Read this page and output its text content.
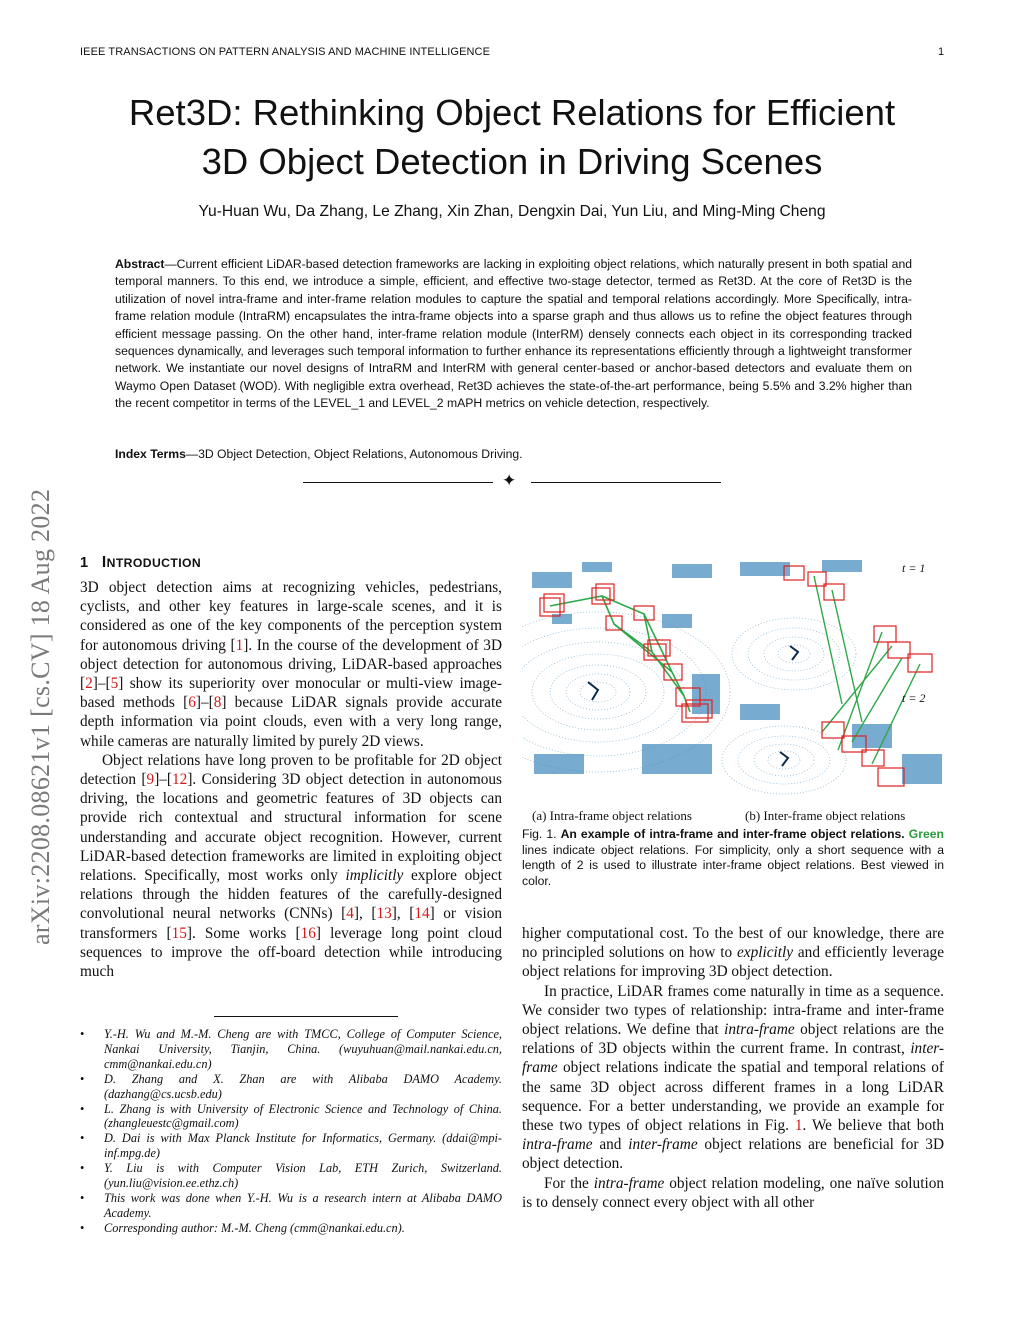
IEEE TRANSACTIONS ON PATTERN ANALYSIS AND MACHINE INTELLIGENCE	1
Ret3D: Rethinking Object Relations for Efficient
3D Object Detection in Driving Scenes
Yu-Huan Wu, Da Zhang, Le Zhang, Xin Zhan, Dengxin Dai, Yun Liu, and Ming-Ming Cheng
Abstract—Current efficient LiDAR-based detection frameworks are lacking in exploiting object relations, which naturally present in both spatial and temporal manners. To this end, we introduce a simple, efficient, and effective two-stage detector, termed as Ret3D. At the core of Ret3D is the utilization of novel intra-frame and inter-frame relation modules to capture the spatial and temporal relations accordingly. More Specifically, intra-frame relation module (IntraRM) encapsulates the intra-frame objects into a sparse graph and thus allows us to refine the object features through efficient message passing. On the other hand, inter-frame relation module (InterRM) densely connects each object in its corresponding tracked sequences dynamically, and leverages such temporal information to further enhance its representations efficiently through a lightweight transformer network. We instantiate our novel designs of IntraRM and InterRM with general center-based or anchor-based detectors and evaluate them on Waymo Open Dataset (WOD). With negligible extra overhead, Ret3D achieves the state-of-the-art performance, being 5.5% and 3.2% higher than the recent competitor in terms of the LEVEL_1 and LEVEL_2 mAPH metrics on vehicle detection, respectively.
Index Terms—3D Object Detection, Object Relations, Autonomous Driving.
✦
arXiv:2208.08621v1 [cs.CV] 18 Aug 2022 1 INTRODUCTION

3D object detection aims at recognizing vehicles, pedestrians, cyclists, and other key features in large-scale scenes, and it is considered as one of the key components of the perception system for autonomous driving [1]. In the course of the development of 3D object detection for autonomous driving, LiDAR-based approaches [2]–[5] show its superiority over monocular or multi-view image-based methods [6]–[8] because LiDAR signals provide accurate depth information via point clouds, even with a very long range, while cameras are naturally limited by purely 2D views.

Object relations have long proven to be profitable for 2D object detection [9]–[12]. Considering 3D object detection in autonomous driving, the locations and geometric features of 3D objects can provide rich contextual and structural information for scene understanding and accurate object recognition. However, current LiDAR-based detection frameworks are limited in exploiting object relations. Specifically, most works only implicitly explore object relations through the hidden features of the carefully-designed convolutional neural networks (CNNs) [4], [13], [14] or vision transformers [15]. Some works [16] leverage long point cloud sequences to improve the off-board detection while introducing much

• Y.-H. Wu and M.-M. Cheng are with TMCC, College of Computer Science, Nankai University, Tianjin, China. (wuyuhuan@mail.nankai.edu.cn, cmm@nankai.edu.cn)
• D. Zhang and X. Zhan are with Alibaba DAMO Academy. (dazhang@cs.ucsb.edu)
• L. Zhang is with University of Electronic Science and Technology of China. (zhangleuestc@gmail.com)
• D. Dai is with Max Planck Institute for Informatics, Germany. (ddai@mpi-inf.mpg.de)
• Y. Liu is with Computer Vision Lab, ETH Zurich, Switzerland. (yun.liu@vision.ee.ethz.ch)
• This work was done when Y.-H. Wu is a research intern at Alibaba DAMO Academy.
• Corresponding author: M.-M. Cheng (cmm@nankai.edu.cn).
t = 1
t = 2
(a) Intra-frame object relations	(b) Inter-frame object relations
Fig. 1. An example of intra-frame and inter-frame object relations. Green lines indicate object relations. For simplicity, only a short sequence with a length of 2 is used to illustrate inter-frame object relations. Best viewed in color.

higher computational cost. To the best of our knowledge, there are no principled solutions on how to explicitly and efficiently leverage object relations for improving 3D object detection.

In practice, LiDAR frames come naturally in time as a sequence. We consider two types of relationship: intra-frame and inter-frame object relations. We define that intra-frame object relations are the relations of 3D objects within the current frame. In contrast, inter-frame object relations indicate the spatial and temporal relations of the same 3D object across different frames in a long LiDAR sequence. For a better understanding, we provide an example for these two types of object relations in Fig. 1. We believe that both intra-frame and inter-frame object relations are beneficial for 3D object detection.

For the intra-frame object relation modeling, one naïve solution is to densely connect every object with all other
